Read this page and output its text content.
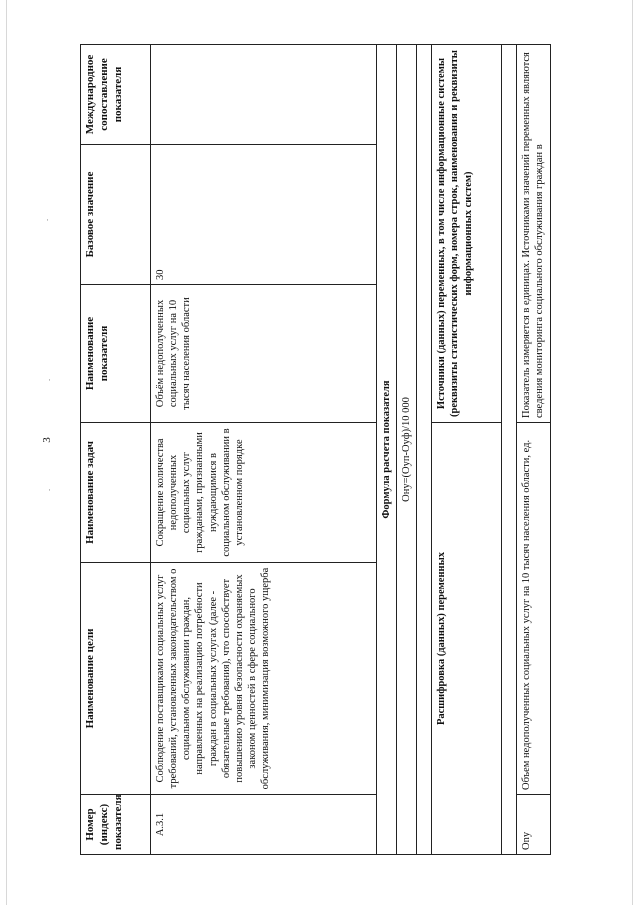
3
·
·
·
Номер (индекс) показателя	Наименование цели	Наименование задач	Наименование показателя	Базовое значение	Международное сопоставление показателя
А.3.1	Соблюдение поставщиками социальных услуг требований, установленных законодательством о социальном обслуживании граждан, направленных на реализацию потребности граждан в социальных услугах (далее - обязательные требования), что способствует повышению уровня безопасности охраняемых законом ценностей в сфере социального обслуживания, минимизация возможного ущерба	Сокращение количества недополученных социальных услуг гражданами, признанными нуждающимися в социальном обслуживании в установленном порядке	Объём недополученных социальных услуг на 10 тысяч населения области	30	
Формула расчета показателя					
Онy=(Оyп-Оyф)/10 000					

Расшифровка (данных) переменных			Источники (данных) переменных, в том числе информационные системы (реквизиты статистических форм, номера строк, наименования и реквизиты информационных систем)		

Оny	Объем недополученных социальных услуг на 10 тысяч населения области, ед.		Показатель измеряется в единицах. Источниками значений переменных являются сведения мониторинга социального обслуживания граждан в		
